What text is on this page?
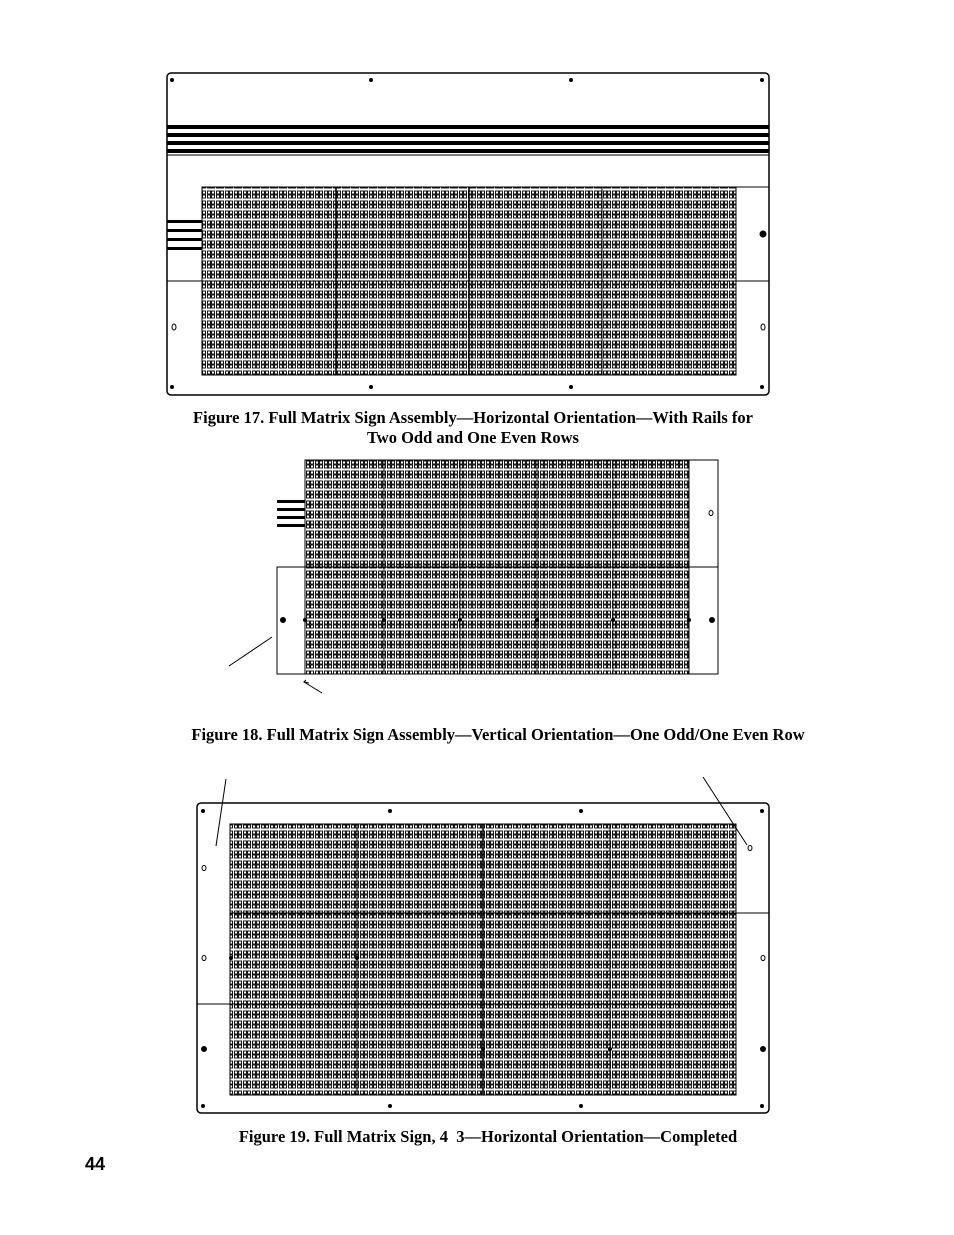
Figure 17. Full Matrix Sign Assembly—Horizontal Orientation—With Rails for
Two Odd and One Even Rows
Figure 18. Full Matrix Sign Assembly—Vertical Orientation—One Odd/One Even Row
Figure 19. Full Matrix Sign, 4  3—Horizontal Orientation—Completed
44
